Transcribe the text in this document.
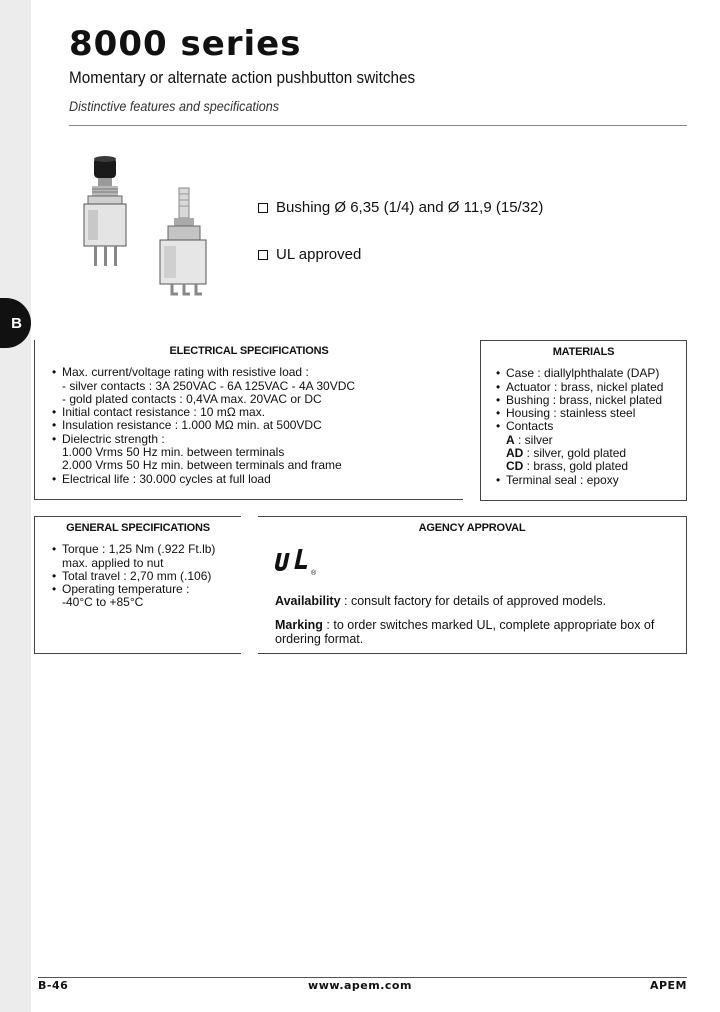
B
8000 series
Momentary or alternate action pushbutton switches
Distinctive features and specifications
Bushing Ø 6,35 (1/4) and Ø 11,9 (15/32)
UL approved
ELECTRICAL SPECIFICATIONS
• Max. current/voltage rating with resistive load :
- silver contacts : 3A 250VAC - 6A 125VAC - 4A 30VDC
- gold plated contacts : 0,4VA max. 20VAC or DC
• Initial contact resistance : 10 mΩ max.
• Insulation resistance : 1.000 MΩ min. at 500VDC
• Dielectric strength :
1.000 Vrms 50 Hz min. between terminals
2.000 Vrms 50 Hz min. between terminals and frame
• Electrical life : 30.000 cycles at full load
MATERIALS
• Case : diallylphthalate (DAP)
• Actuator : brass, nickel plated
• Bushing : brass, nickel plated
• Housing : stainless steel
• Contacts
A : silver
AD : silver, gold plated
CD : brass, gold plated
• Terminal seal : epoxy
GENERAL SPECIFICATIONS
• Torque : 1,25 Nm (.922 Ft.lb)
max. applied to nut
• Total travel : 2,70 mm (.106)
• Operating temperature :
-40°C to +85°C
AGENCY APPROVAL
®

Availability : consult factory for details of approved models.

Marking : to order switches marked UL, complete appropriate box of ordering format.

B-46	www.apem.com	APEM
